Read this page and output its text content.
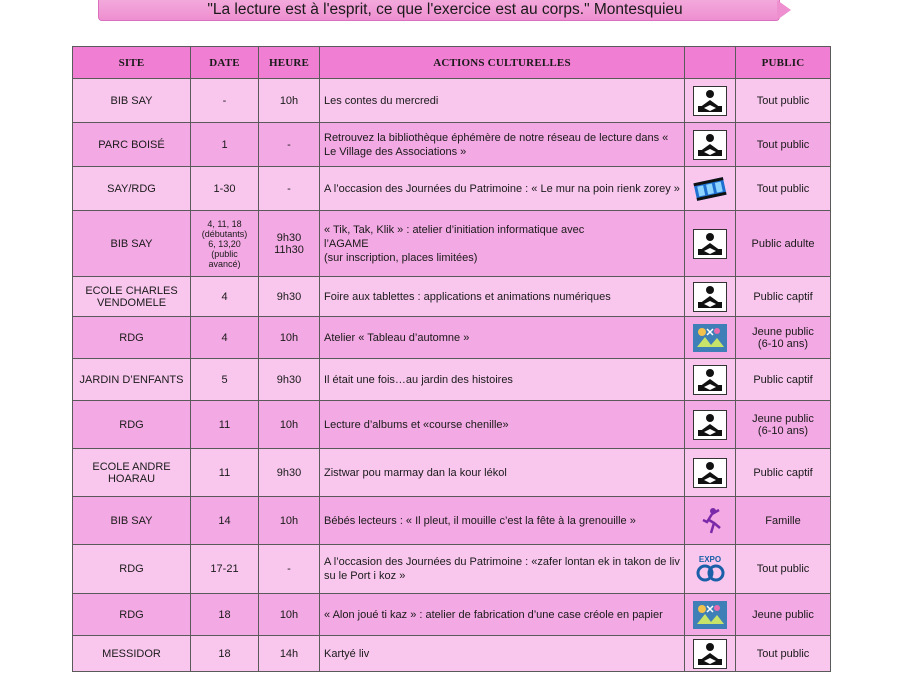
"La lecture est à l'esprit, ce que l'exercice est au corps." Montesquieu
SITE	DATE	HEURE	ACTIONS CULTURELLES		PUBLIC
BIB SAY	-	10h	Les contes du mercredi		Tout public
PARC BOISÉ	1	-	Retrouvez la bibliothèque éphémère de notre réseau de lecture dans « Le Village des Associations »		Tout public
SAY/RDG	1-30	-	A l’occasion des Journées du Patrimoine : « Le mur na poin rienk zorey »		Tout public
BIB SAY	4, 11, 18
(débutants)
6, 13,20
(public
avancé)	9h30
11h30	« Tik, Tak, Klik » : atelier d’initiation informatique avec
l’AGAME
(sur inscription, places limitées)		Public adulte
ECOLE CHARLES VENDOMELE	4	9h30	Foire aux tablettes : applications et animations numériques		Public captif
RDG	4	10h	Atelier « Tableau d’automne »		Jeune public
(6-10 ans)
JARDIN D’ENFANTS	5	9h30	Il était une fois…au jardin des histoires		Public captif
RDG	11	10h	Lecture d’albums et «course chenille»		Jeune public
(6-10 ans)
ECOLE ANDRE HOARAU	11	9h30	Zistwar pou marmay dan la kour lékol		Public captif
BIB SAY	14	10h	Bébés lecteurs : « Il pleut, il mouille c’est la fête à la grenouille »		Famille
RDG	17-21	-	A l’occasion des Journées du Patrimoine : «zafer lontan ek in takon de liv su le Port i koz »	EXPO	Tout public
RDG	18	10h	« Alon joué ti kaz » : atelier de fabrication d’une case créole en papier		Jeune public
MESSIDOR	18	14h	Kartyé liv		Tout public
